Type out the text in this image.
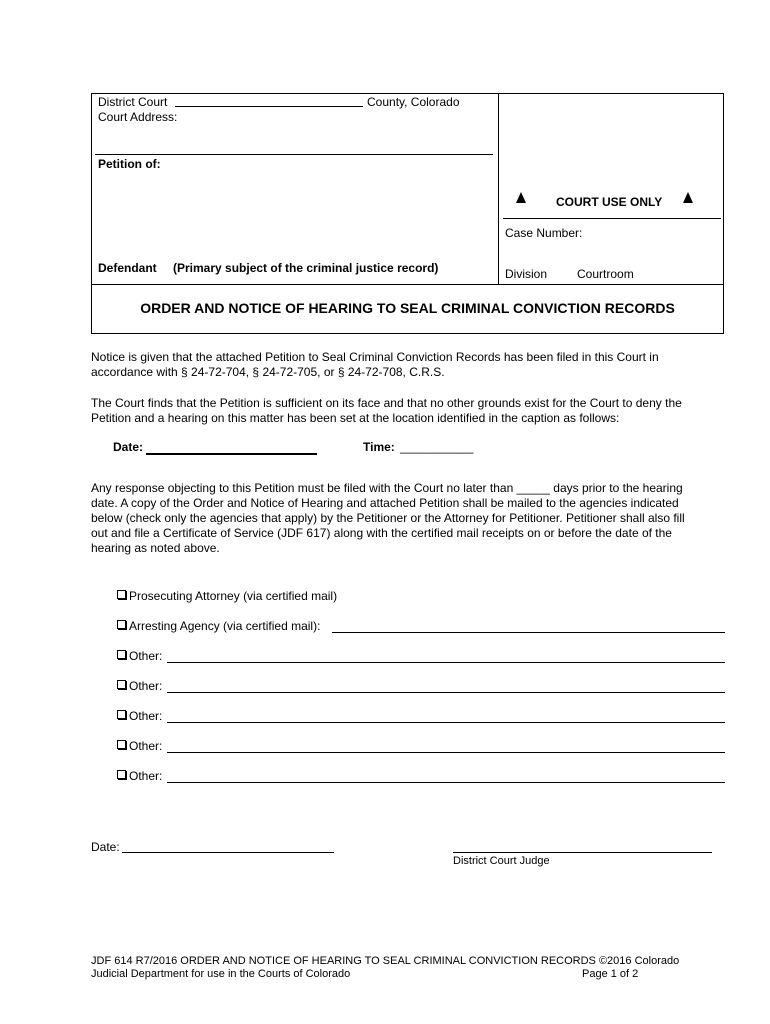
District Court	County, Colorado
Court Address:
Petition of:
COURT USE ONLY
Case Number:
Defendant (Primary subject of the criminal justice record)	Division Courtroom
ORDER AND NOTICE OF HEARING TO SEAL CRIMINAL CONVICTION RECORDS
Notice is given that the attached Petition to Seal Criminal Conviction Records has been filed in this Court in
accordance with § 24-72-704, § 24-72-705, or § 24-72-708, C.R.S.
The Court finds that the Petition is sufficient on its face and that no other grounds exist for the Court to deny the
Petition and a hearing on this matter has been set at the location identified in the caption as follows:
Date:	Time: ___________
Any response objecting to this Petition must be filed with the Court no later than _____ days prior to the hearing
date. A copy of the Order and Notice of Hearing and attached Petition shall be mailed to the agencies indicated
below (check only the agencies that apply) by the Petitioner or the Attorney for Petitioner. Petitioner shall also fill
out and file a Certificate of Service (JDF 617) along with the certified mail receipts on or before the date of the
hearing as noted above.
Prosecuting Attorney (via certified mail)
Arresting Agency (via certified mail):
Other:
Other:
Other:
Other:
Other:
Date:
District Court Judge
JDF 614 R7/2016 ORDER AND NOTICE OF HEARING TO SEAL CRIMINAL CONVICTION RECORDS ©2016 Colorado
Judicial Department for use in the Courts of Colorado	Page 1 of 2
